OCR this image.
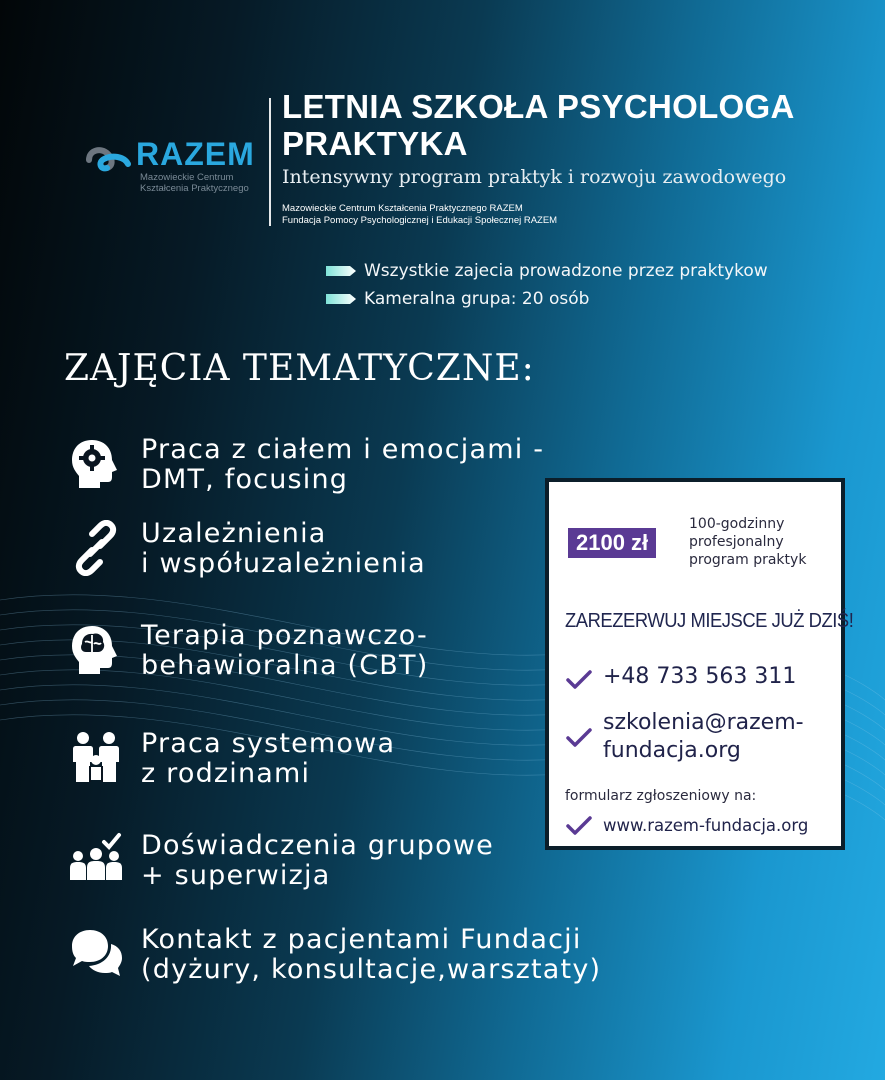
RAZEM
Mazowieckie Centrum
Kształcenia Praktycznego
LETNIA SZKOŁA PSYCHOLOGA
PRAKTYKA
Intensywny program praktyk i rozwoju zawodowego
Mazowieckie Centrum Kształcenia Praktycznego RAZEM
Fundacja Pomocy Psychologicznej i Edukacji Społecznej RAZEM
Wszystkie zajecia prowadzone przez praktykow
Kameralna grupa: 20 osób
ZAJĘCIA TEMATYCZNE:
Praca z ciałem i emocjami -
DMT, focusing
Uzależnienia
i współuzależnienia
Terapia poznawczo-
behawioralna (CBT)
Praca systemowa
z rodzinami
Doświadczenia grupowe
+ superwizja
Kontakt z pacjentami Fundacji
(dyżury, konsultacje,warsztaty)
2100 zł
100-godzinny
profesjonalny
program praktyk
ZAREZERWUJ MIEJSCE JUŻ DZIŚ!
+48 733 563 311
szkolenia@razem-
fundacja.org
formularz zgłoszeniowy na:
www.razem-fundacja.org
